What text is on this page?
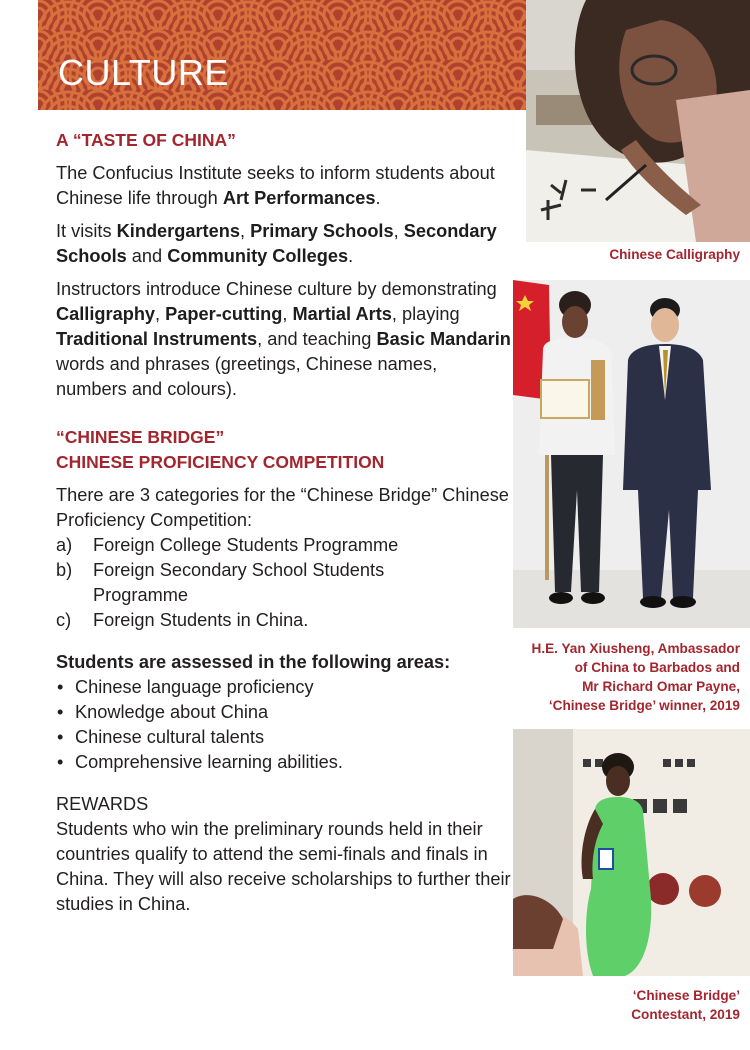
CULTURE
A “TASTE OF CHINA”

The Confucius Institute seeks to inform students about Chinese life through Art Performances.

It visits Kindergartens, Primary Schools, Secondary Schools and Community Colleges.

Instructors introduce Chinese culture by demonstrating Calligraphy, Paper-cutting, Martial Arts, playing Traditional Instruments, and teaching Basic Mandarin words and phrases (greetings, Chinese names, numbers and colours).

“CHINESE BRIDGE”
CHINESE PROFICIENCY COMPETITION

There are 3 categories for the “Chinese Bridge” Chinese Proficiency Competition:

a) Foreign College Students Programme
b) Foreign Secondary School Students Programme
c) Foreign Students in China.

Students are assessed in the following areas:

• Chinese language proficiency
• Knowledge about China
• Chinese cultural talents
• Comprehensive learning abilities.

REWARDS

Students who win the preliminary rounds held in their countries qualify to attend the semi-finals and finals in China. They will also receive scholarships to further their studies in China.

Chinese Calligraphy
H.E. Yan Xiusheng, Ambassador
of China to Barbados and
Mr Richard Omar Payne,
‘Chinese Bridge’ winner, 2019
‘Chinese Bridge’
Contestant, 2019
